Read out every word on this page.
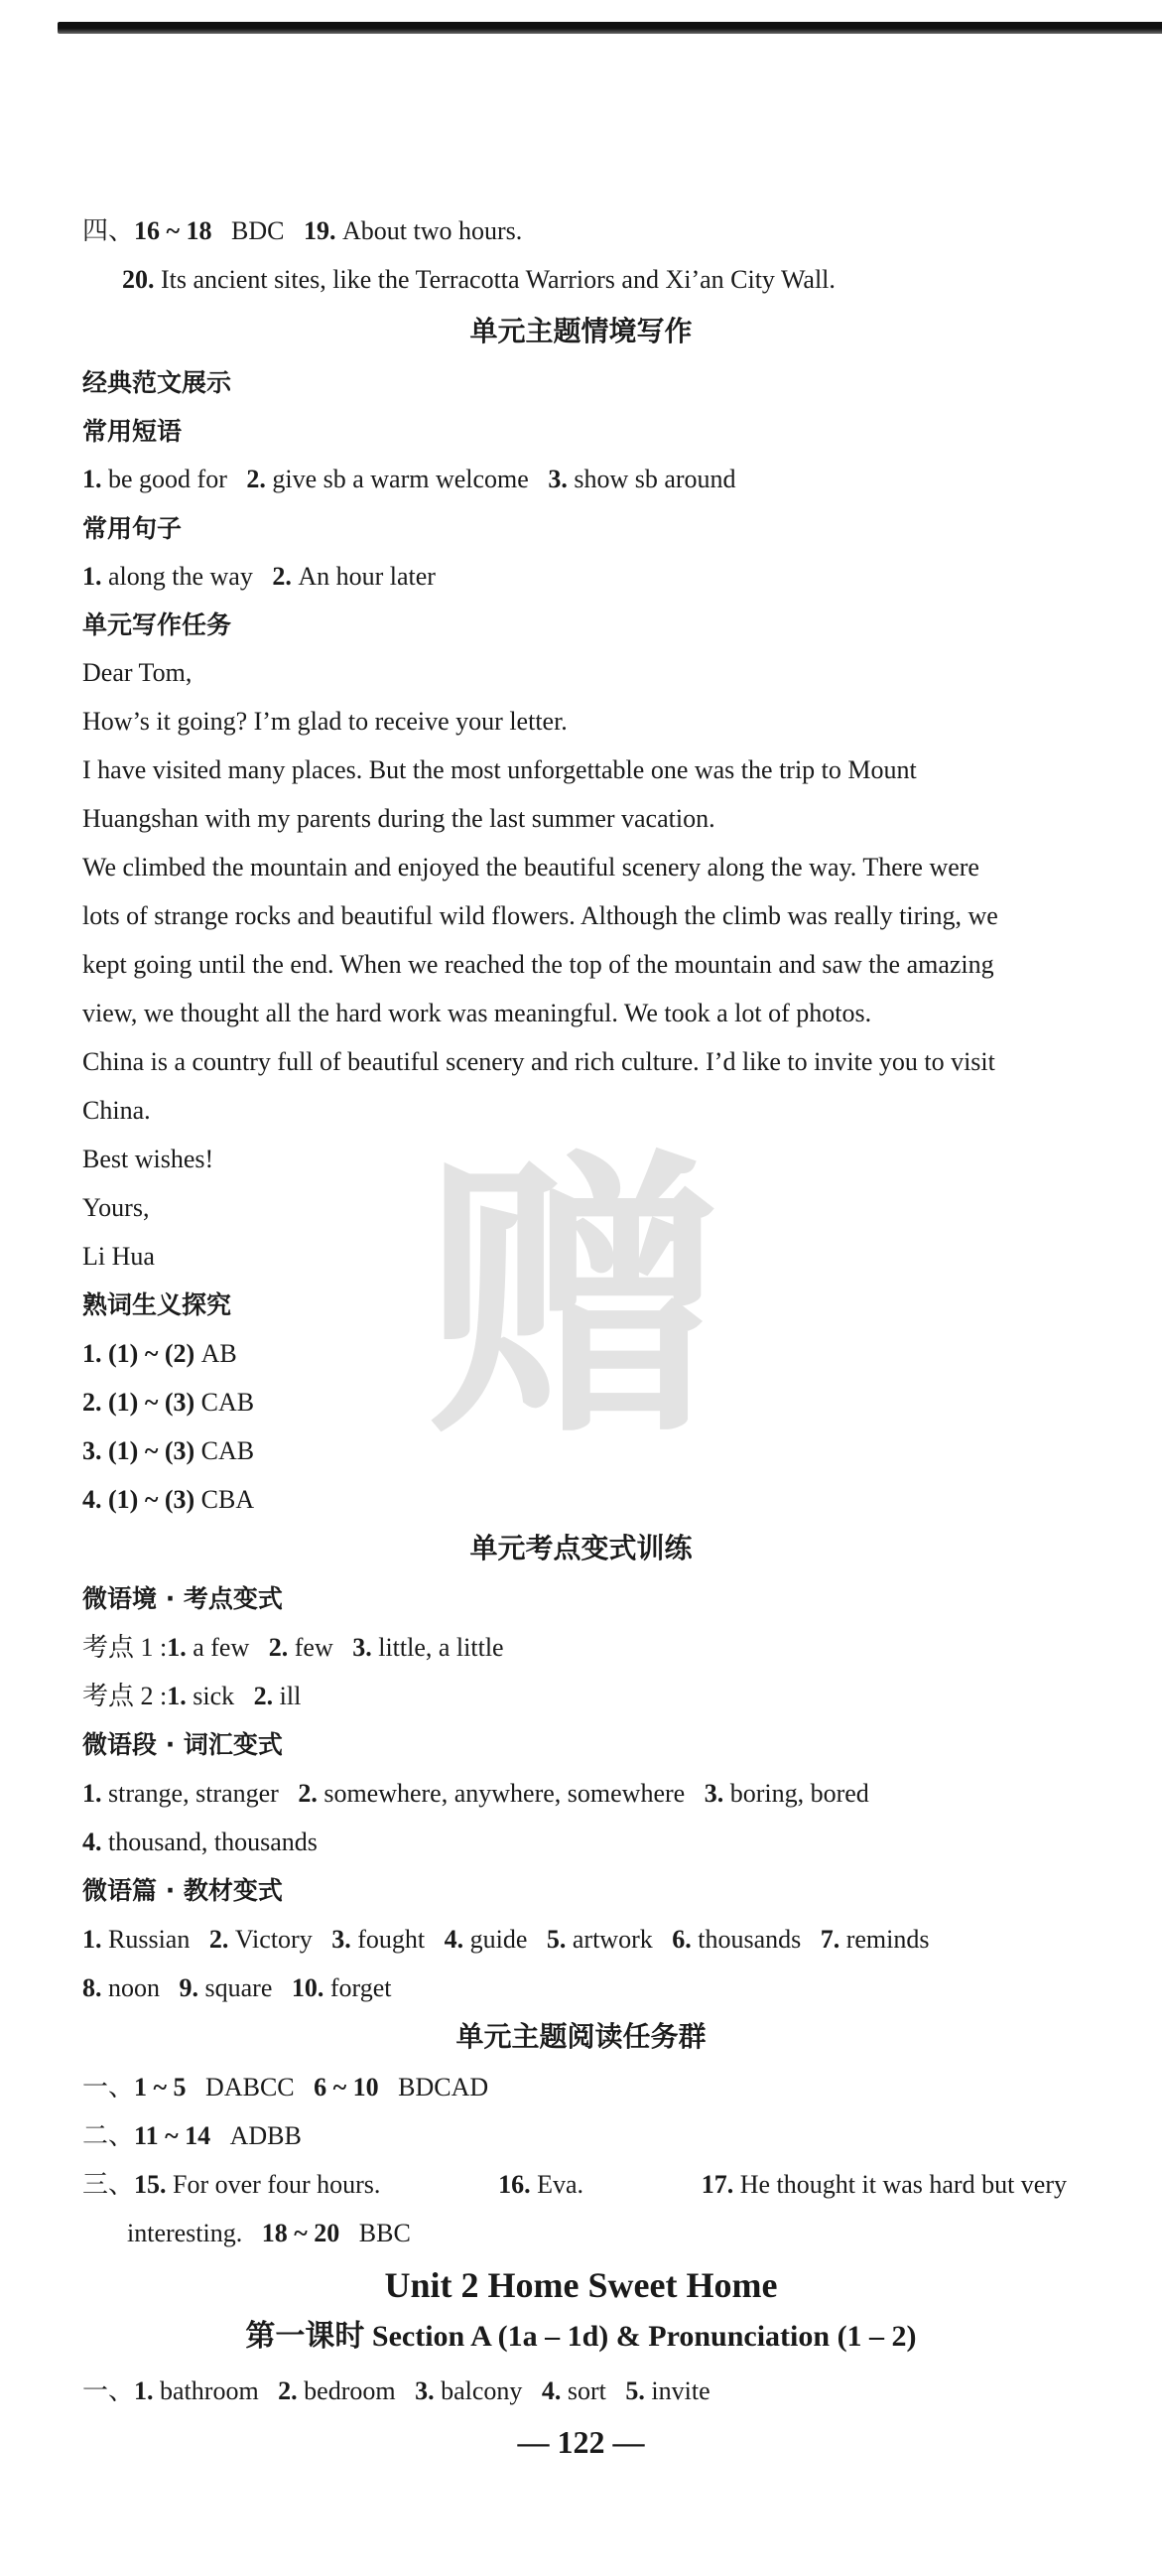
赠
四、16 ~ 18 BDC 19. About two hours.
20. Its ancient sites, like the Terracotta Warriors and Xi’an City Wall.
单元主题情境写作
经典范文展示
常用短语
1. be good for 2. give sb a warm welcome 3. show sb around
常用句子
1. along the way 2. An hour later
单元写作任务
Dear Tom,
How’s it going? I’m glad to receive your letter.
I have visited many places. But the most unforgettable one was the trip to Mount
Huangshan with my parents during the last summer vacation.
We climbed the mountain and enjoyed the beautiful scenery along the way. There were
lots of strange rocks and beautiful wild flowers. Although the climb was really tiring, we
kept going until the end. When we reached the top of the mountain and saw the amazing
view, we thought all the hard work was meaningful. We took a lot of photos.
China is a country full of beautiful scenery and rich culture. I’d like to invite you to visit
China.
Best wishes!
Yours,
Li Hua
熟词生义探究
1. (1) ~ (2) AB
2. (1) ~ (3) CAB
3. (1) ~ (3) CAB
4. (1) ~ (3) CBA
单元考点变式训练
微语境 · 考点变式
考点 1 :1. a few 2. few 3. little, a little
考点 2 :1. sick 2. ill
微语段 · 词汇变式
1. strange, stranger 2. somewhere, anywhere, somewhere 3. boring, bored
4. thousand, thousands
微语篇 · 教材变式
1. Russian 2. Victory 3. fought 4. guide 5. artwork 6. thousands 7. reminds
8. noon 9. square 10. forget
单元主题阅读任务群
一、1 ~ 5 DABCC 6 ~ 10 BDCAD
二、11 ~ 14 ADBB
三、15. For over four hours.	16. Eva.	17. He thought it was hard but very
interesting. 18 ~ 20 BBC
Unit 2 Home Sweet Home
第一课时 Section A (1a – 1d) & Pronunciation (1 – 2)
一、1. bathroom 2. bedroom 3. balcony 4. sort 5. invite
— 122 —
